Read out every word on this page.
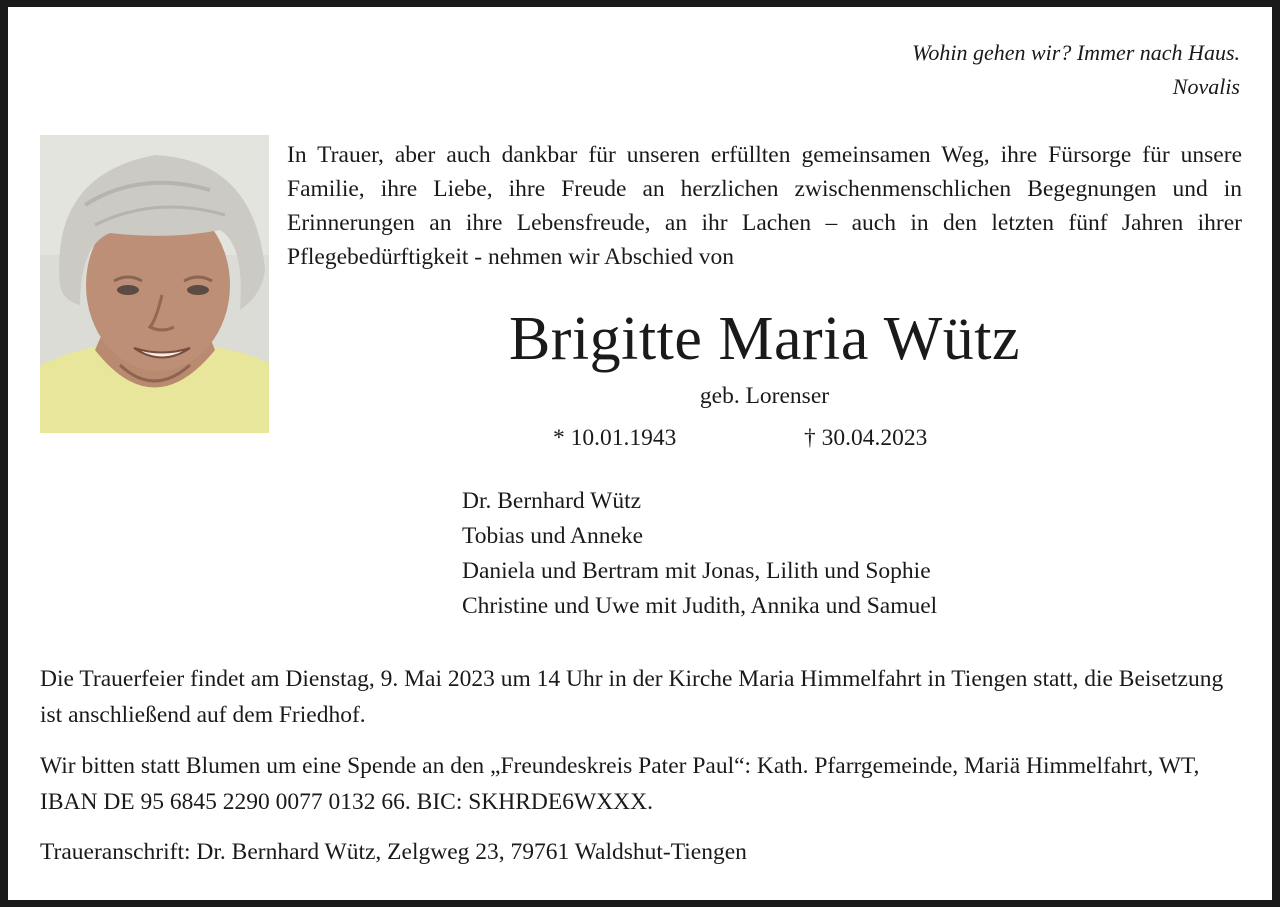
Wohin gehen wir? Immer nach Haus.
Novalis
In Trauer, aber auch dankbar für unseren erfüllten gemeinsamen Weg, ihre Fürsorge für unsere Familie, ihre Liebe, ihre Freude an herzlichen zwischenmenschlichen Begegnungen und in Erinnerungen an ihre Lebensfreude, an ihr Lachen – auch in den letzten fünf Jahren ihrer Pflegebedürftigkeit - nehmen wir Abschied von
Brigitte Maria Wütz
geb. Lorenser
* 10.01.1943	† 30.04.2023
Dr. Bernhard Wütz
Tobias und Anneke
Daniela und Bertram mit Jonas, Lilith und Sophie
Christine und Uwe mit Judith, Annika und Samuel
Die Trauerfeier findet am Dienstag, 9. Mai 2023 um 14 Uhr in der Kirche Maria Himmelfahrt in Tiengen statt, die Beisetzung ist anschließend auf dem Friedhof.
Wir bitten statt Blumen um eine Spende an den „Freundeskreis Pater Paul“: Kath. Pfarrgemeinde, Mariä Himmelfahrt, WT, IBAN DE 95 6845 2290 0077 0132 66. BIC: SKHRDE6WXXX.
Traueranschrift: Dr. Bernhard Wütz, Zelgweg 23, 79761 Waldshut-Tiengen
